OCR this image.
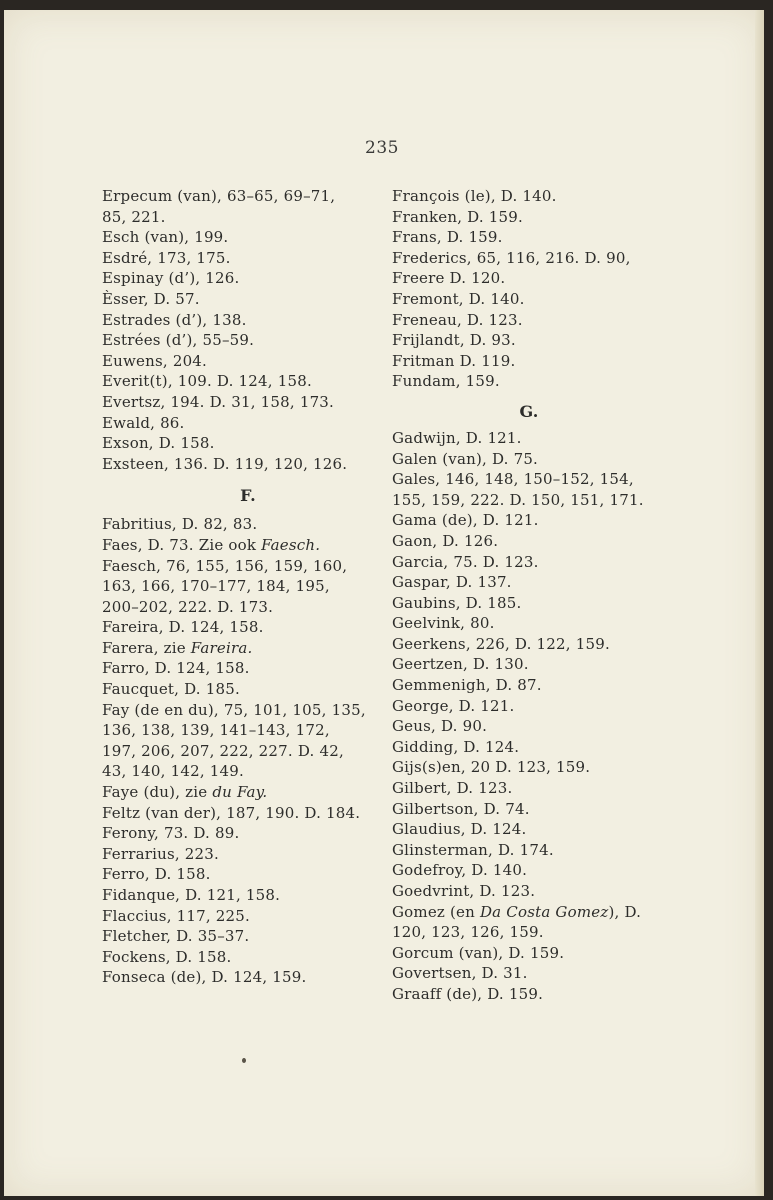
235
Erpecum (van), 63–65, 69–71,
85, 221.
Esch (van), 199.
Esdré, 173, 175.
Espinay (d’), 126.
Èsser, D. 57.
Estrades (d’), 138.
Estrées (d’), 55–59.
Euwens, 204.
Everit(t), 109. D. 124, 158.
Evertsz, 194. D. 31, 158, 173.
Ewald, 86.
Exson, D. 158.
Exsteen, 136. D. 119, 120, 126.
F.
Fabritius, D. 82, 83.
Faes, D. 73. Zie ook Faesch.
Faesch, 76, 155, 156, 159, 160,
163, 166, 170–177, 184, 195,
200–202, 222. D. 173.
Fareira, D. 124, 158.
Farera, zie Fareira.
Farro, D. 124, 158.
Faucquet, D. 185.
Fay (de en du), 75, 101, 105, 135,
136, 138, 139, 141–143, 172,
197, 206, 207, 222, 227. D. 42,
43, 140, 142, 149.
Faye (du), zie du Fay.
Feltz (van der), 187, 190. D. 184.
Ferony, 73. D. 89.
Ferrarius, 223.
Ferro, D. 158.
Fidanque, D. 121, 158.
Flaccius, 117, 225.
Fletcher, D. 35–37.
Fockens, D. 158.
Fonseca (de), D. 124, 159.
François (le), D. 140.
Franken, D. 159.
Frans, D. 159.
Frederics, 65, 116, 216. D. 90,
Freere D. 120.
Fremont, D. 140.
Freneau, D. 123.
Frijlandt, D. 93.
Fritman D. 119.
Fundam, 159.
G.
Gadwijn, D. 121.
Galen (van), D. 75.
Gales, 146, 148, 150–152, 154,
155, 159, 222. D. 150, 151, 171.
Gama (de), D. 121.
Gaon, D. 126.
Garcia, 75. D. 123.
Gaspar, D. 137.
Gaubins, D. 185.
Geelvink, 80.
Geerkens, 226, D. 122, 159.
Geertzen, D. 130.
Gemmenigh, D. 87.
George, D. 121.
Geus, D. 90.
Gidding, D. 124.
Gijs(s)en, 20 D. 123, 159.
Gilbert, D. 123.
Gilbertson, D. 74.
Glaudius, D. 124.
Glinsterman, D. 174.
Godefroy, D. 140.
Goedvrint, D. 123.
Gomez (en Da Costa Gomez), D.
120, 123, 126, 159.
Gorcum (van), D. 159.
Govertsen, D. 31.
Graaff (de), D. 159.
